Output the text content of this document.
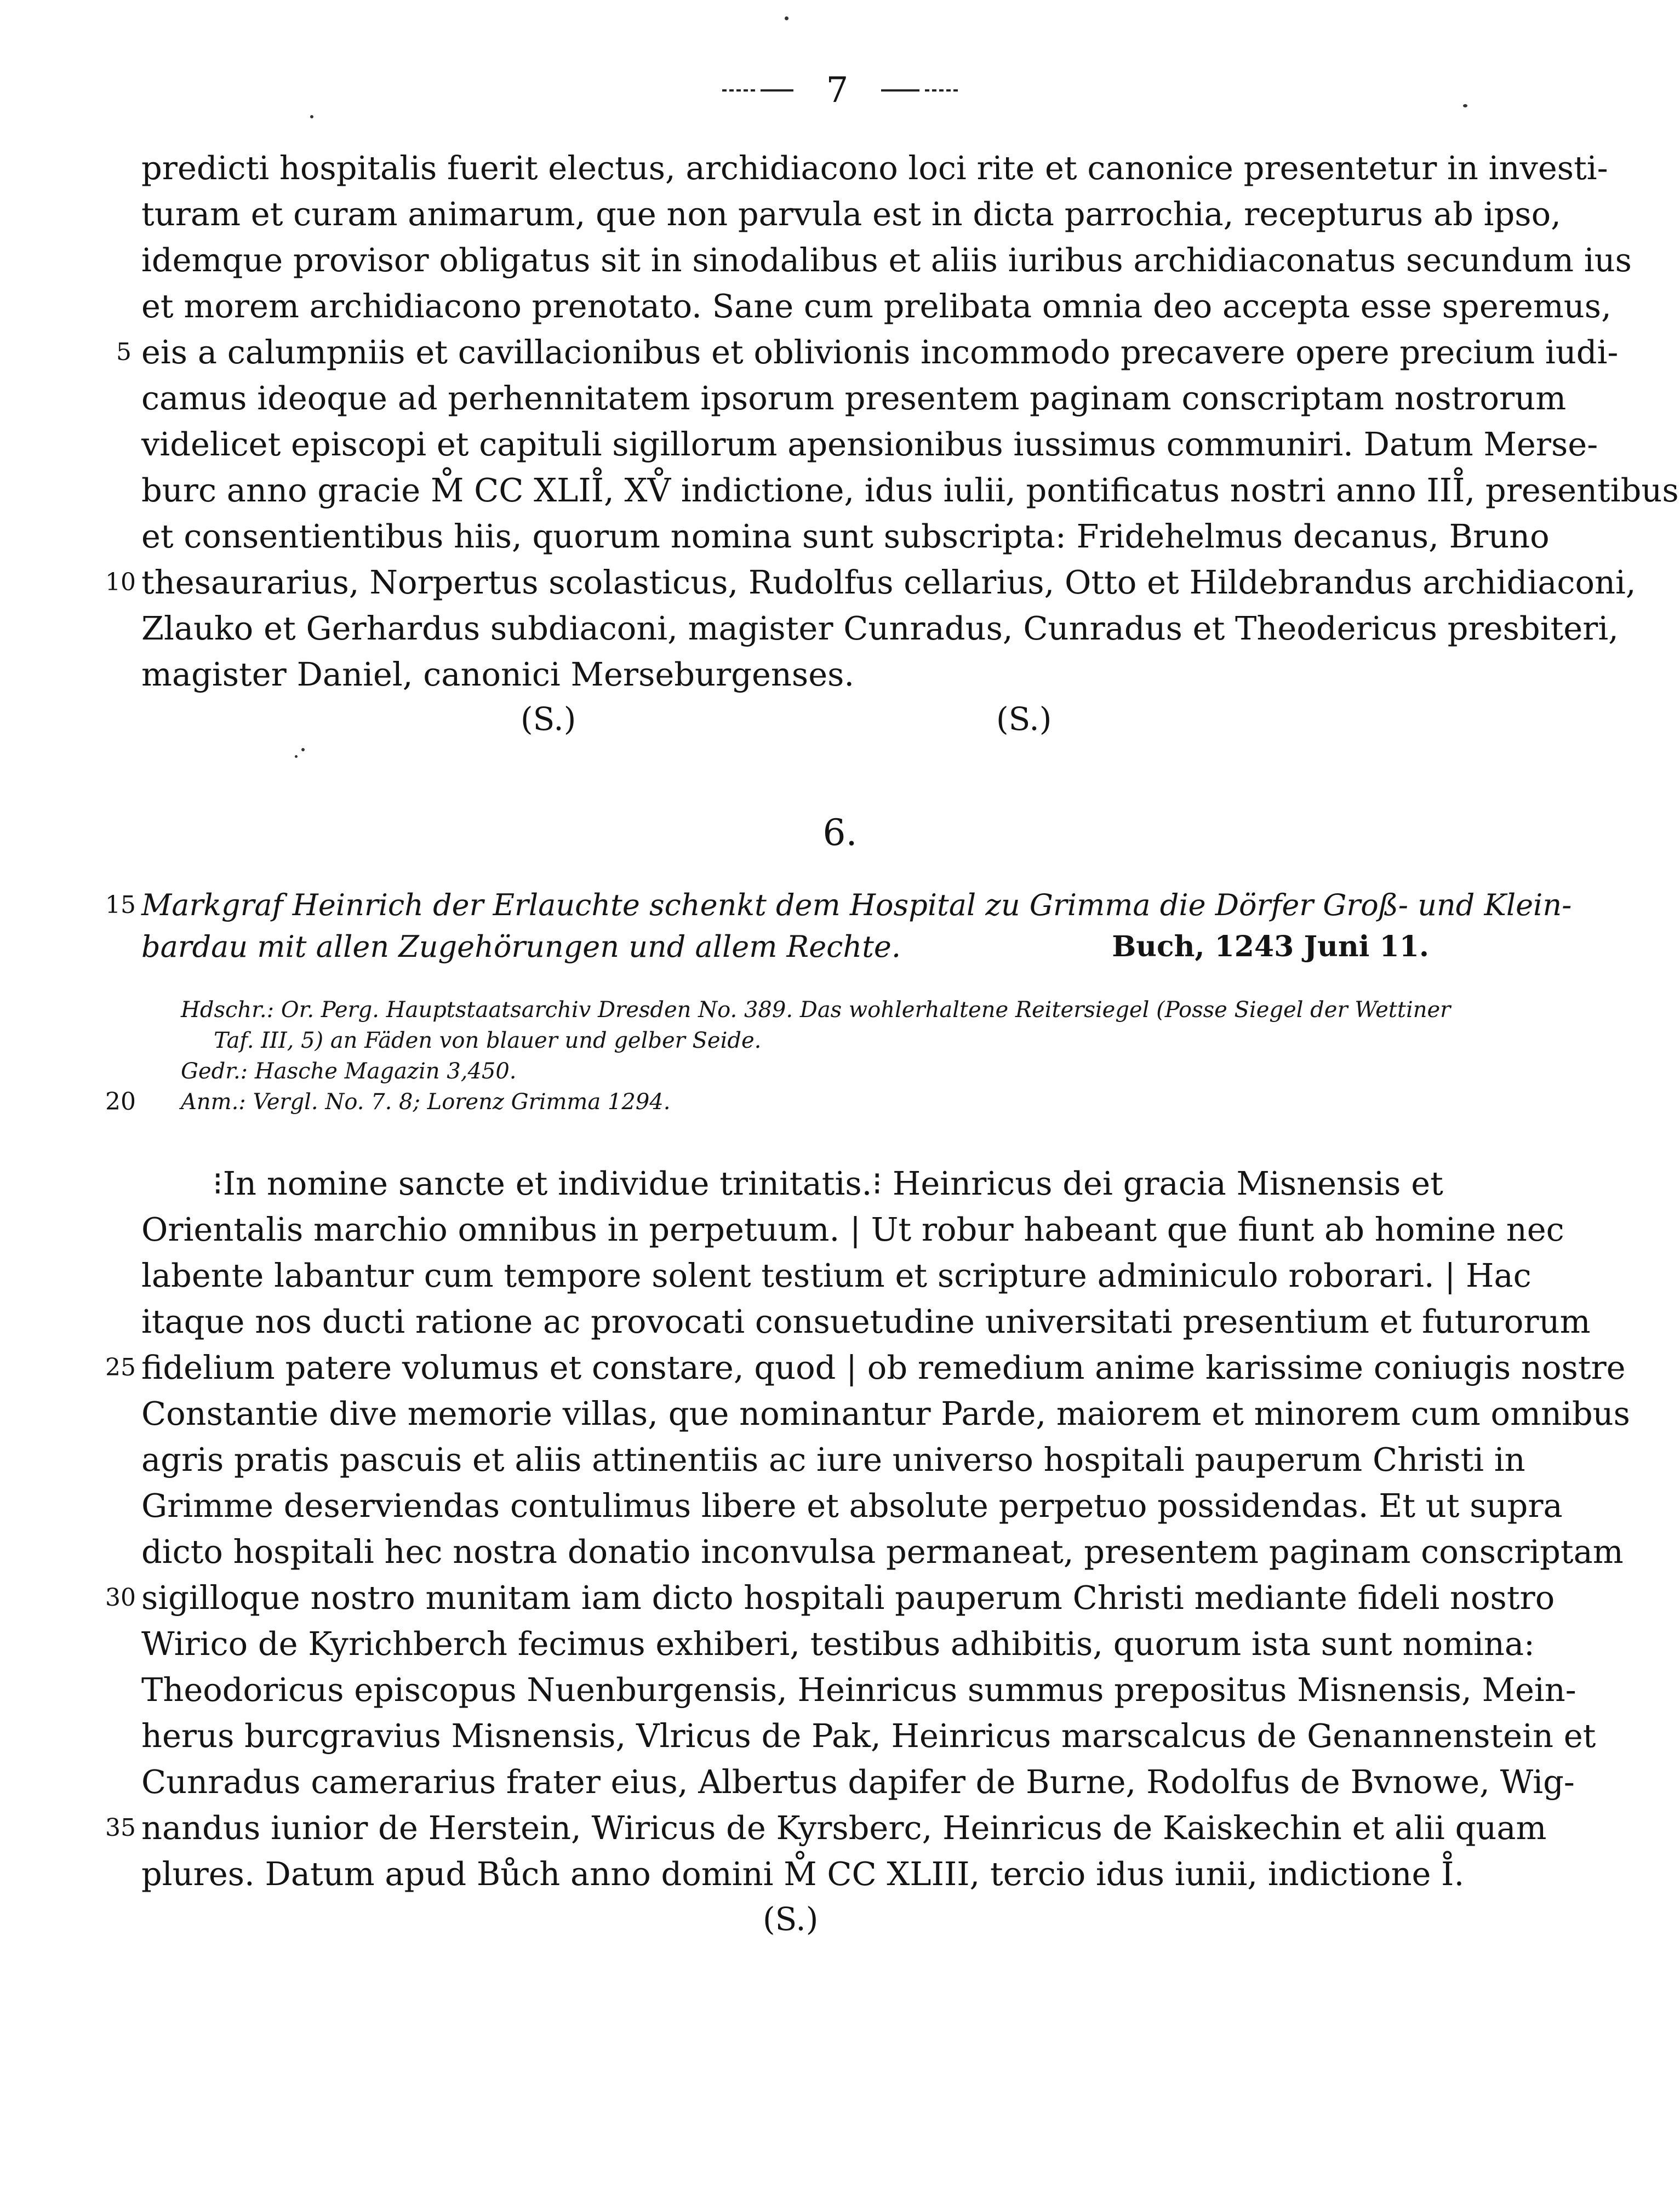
7
predicti hospitalis fuerit electus, archidiacono loci rite et canonice presentetur in investi-
turam et curam animarum, que non parvula est in dicta parrochia, recepturus ab ipso,
idemque provisor obligatus sit in sinodalibus et aliis iuribus archidiaconatus secundum ius
et morem archidiacono prenotato. Sane cum prelibata omnia deo accepta esse speremus,
5 eis a calumpniis et cavillacionibus et oblivionis incommodo precavere opere precium iudi-
camus ideoque ad perhennitatem ipsorum presentem paginam conscriptam nostrorum
videlicet episcopi et capituli sigillorum apensionibus iussimus communiri. Datum Merse-
burc anno gracie M̊ CC XLII̊, XV̊ indictione, idus iulii, pontificatus nostri anno III̊, presentibus
et consentientibus hiis, quorum nomina sunt subscripta: Fridehelmus decanus, Bruno
10 thesaurarius, Norpertus scolasticus, Rudolfus cellarius, Otto et Hildebrandus archidiaconi,
Zlauko et Gerhardus subdiaconi, magister Cunradus, Cunradus et Theodericus presbiteri,
magister Daniel, canonici Merseburgenses.
(S.)	(S.)
6.
15 Markgraf Heinrich der Erlauchte schenkt dem Hospital zu Grimma die Dörfer Groß- und Klein-
bardau mit allen Zugehörungen und allem Rechte.	Buch, 1243 Juni 11.
Hdschr.: Or. Perg. Hauptstaatsarchiv Dresden No. 389. Das wohlerhaltene Reitersiegel (Posse Siegel der Wettiner
Taf. III, 5) an Fäden von blauer und gelber Seide.
Gedr.: Hasche Magazin 3,450.
20 Anm.: Vergl. No. 7. 8; Lorenz Grimma 1294.
⁝In nomine sancte et individue trinitatis.⁝ Heinricus dei gracia Misnensis et
Orientalis marchio omnibus in perpetuum. | Ut robur habeant que fiunt ab homine nec
labente labantur cum tempore solent testium et scripture adminiculo roborari. | Hac
itaque nos ducti ratione ac provocati consuetudine universitati presentium et futurorum
25 fidelium patere volumus et constare, quod | ob remedium anime karissime coniugis nostre
Constantie dive memorie villas, que nominantur Parde, maiorem et minorem cum omnibus
agris pratis pascuis et aliis attinentiis ac iure universo hospitali pauperum Christi in
Grimme deserviendas contulimus libere et absolute perpetuo possidendas. Et ut supra
dicto hospitali hec nostra donatio inconvulsa permaneat, presentem paginam conscriptam
30 sigilloque nostro munitam iam dicto hospitali pauperum Christi mediante fideli nostro
Wirico de Kyrichberch fecimus exhiberi, testibus adhibitis, quorum ista sunt nomina:
Theodoricus episcopus Nuenburgensis, Heinricus summus prepositus Misnensis, Mein-
herus burcgravius Misnensis, Vlricus de Pak, Heinricus marscalcus de Genannenstein et
Cunradus camerarius frater eius, Albertus dapifer de Burne, Rodolfus de Bvnowe, Wig-
35 nandus iunior de Herstein, Wiricus de Kyrsberc, Heinricus de Kaiskechin et alii quam
plures. Datum apud Bůch anno domini M̊ CC XLIII, tercio idus iunii, indictione I̊.
(S.)
